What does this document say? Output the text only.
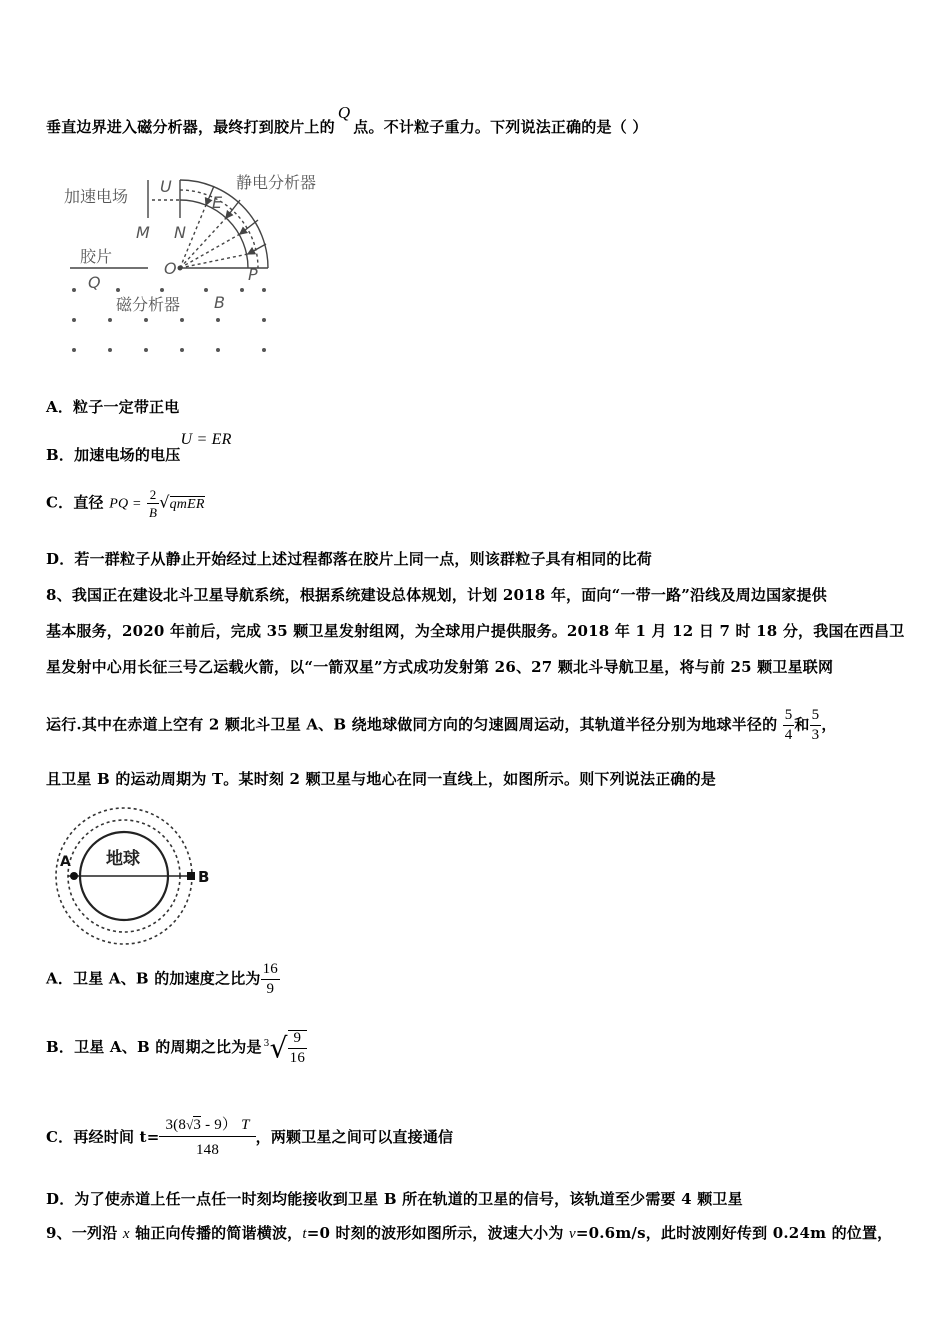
垂直边界进入磁分析器，最终打到胶片上的Q点。不计粒子重力。下列说法正确的是（ ）
加速电场
U	静电分析器
E
M N
胶片
O	P
Q
磁分析器 B
A．粒子一定带正电
B．加速电场的电压U = ER
C．直径 PQ = $\frac{2}{B}$ √qmER
D．若一群粒子从静止开始经过上述过程都落在胶片上同一点，则该群粒子具有相同的比荷
8、我国正在建设北斗卫星导航系统，根据系统建设总体规划，计划 2018 年，面向“一带一路”沿线及周边国家提供
基本服务，2020 年前后，完成 35 颗卫星发射组网，为全球用户提供服务。2018 年 1 月 12 日 7 时 18 分，我国在西昌卫
星发射中心用长征三号乙运载火箭，以“一箭双星”方式成功发射第 26、27 颗北斗导航卫星，将与前 25 颗卫星联网
运行.其中在赤道上空有 2 颗北斗卫星 A、B 绕地球做同方向的匀速圆周运动，其轨道半径分别为地球半径的 $\frac{5}{4}$ 和 $\frac{5}{3}$ ，
且卫星 B 的运动周期为 T。某时刻 2 颗卫星与地心在同一直线上，如图所示。则下列说法正确的是
地球
A
B
A．卫星 A、B 的加速度之比为 $\frac{16}{9}$
B．卫星 A、B 的周期之比为是 $^3√ \frac{9}{16}$
C．再经时间 $t= \frac{3(8√3 - 9) T}{148}$ ，两颗卫星之间可以直接通信
D．为了使赤道上任一点任一时刻均能接收到卫星 B 所在轨道的卫星的信号，该轨道至少需要 4 颗卫星
9、一列沿 x 轴正向传播的简谐横波，t=0 时刻的波形如图所示，波速大小为 v=0.6m/s，此时波刚好传到 0.24m 的位置，
